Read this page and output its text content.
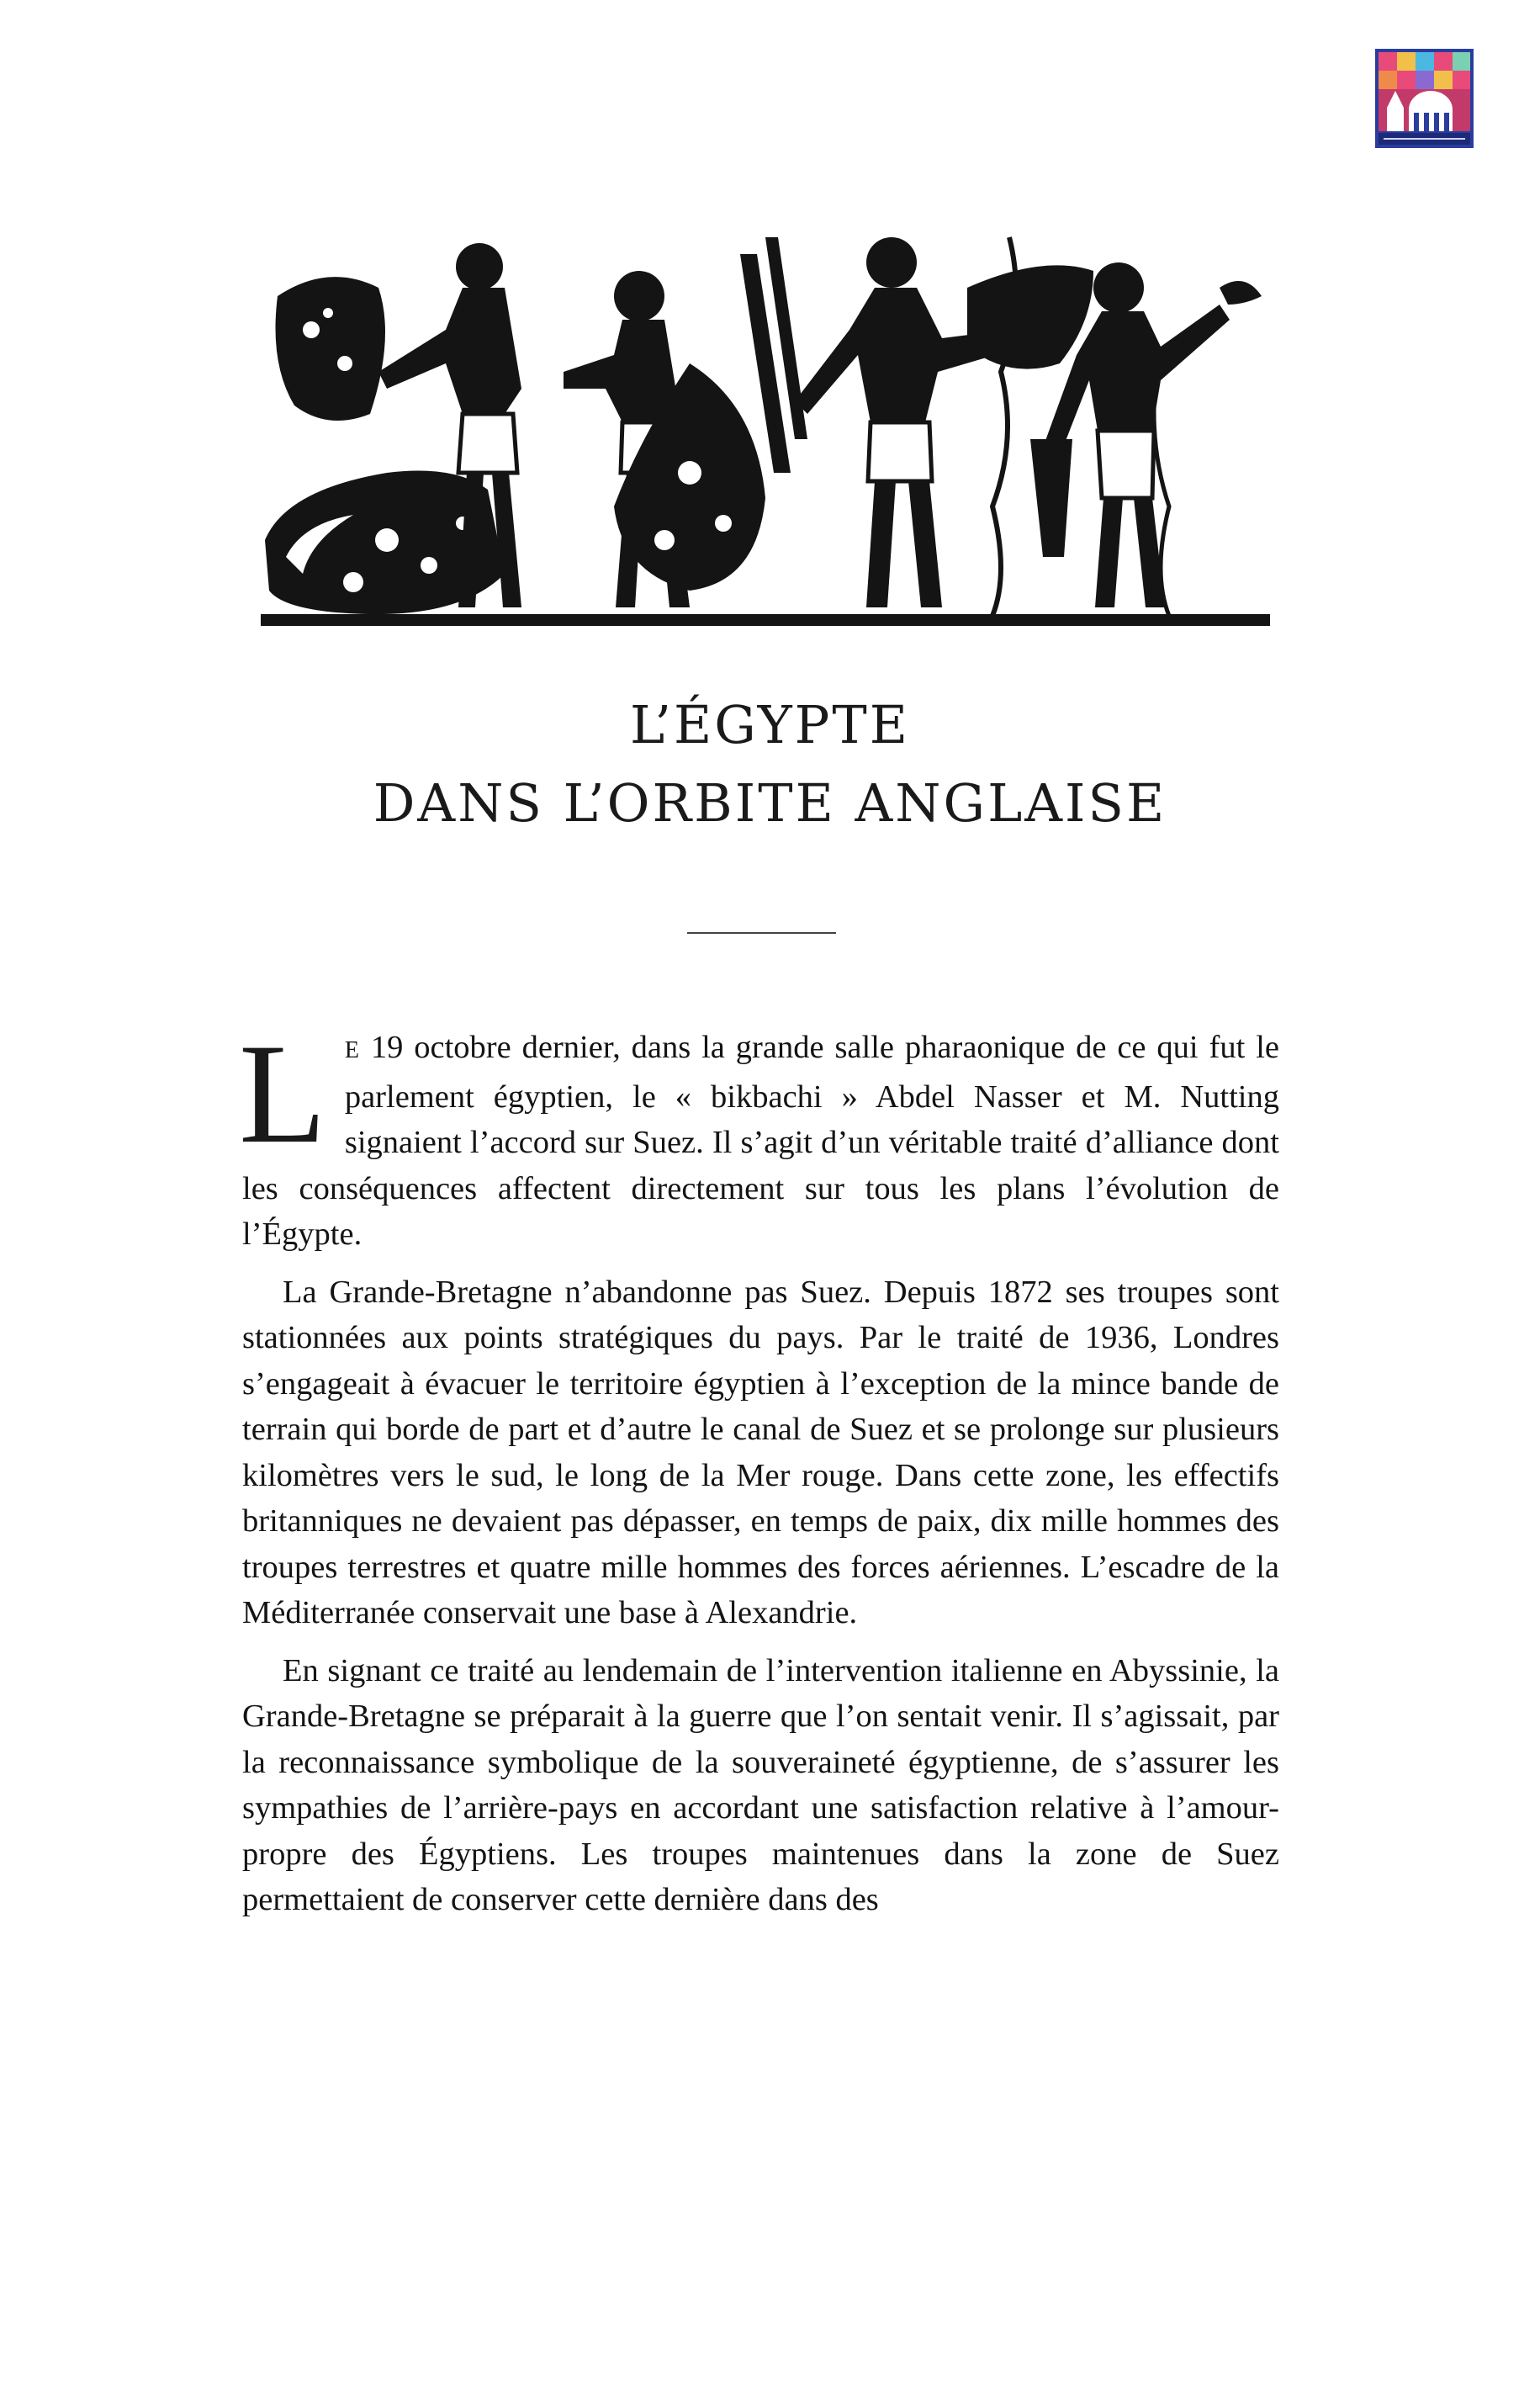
L’ÉGYPTE
DANS L’ORBITE ANGLAISE

L E 19 octobre dernier, dans la grande salle pharaonique de ce qui fut le parlement égyptien, le « bikbachi » Abdel Nasser et M. Nutting signaient l’accord sur Suez. Il s’agit d’un véritable traité d’alliance dont les conséquences affectent directement sur tous les plans l’évolution de l’Égypte.

La Grande-Bretagne n’abandonne pas Suez. Depuis 1872 ses troupes sont stationnées aux points stratégiques du pays. Par le traité de 1936, Londres s’engageait à évacuer le territoire égyptien à l’exception de la mince bande de terrain qui borde de part et d’autre le canal de Suez et se prolonge sur plusieurs kilomètres vers le sud, le long de la Mer rouge. Dans cette zone, les effectifs britanniques ne devaient pas dépasser, en temps de paix, dix mille hommes des troupes terrestres et quatre mille hommes des forces aériennes. L’escadre de la Méditerranée conservait une base à Alexandrie.

En signant ce traité au lendemain de l’intervention italienne en Abyssinie, la Grande-Bretagne se préparait à la guerre que l’on sentait venir. Il s’agissait, par la reconnaissance symbolique de la souveraineté égyptienne, de s’assurer les sympathies de l’arrière-pays en accordant une satisfaction relative à l’amour-propre des Égyptiens. Les troupes maintenues dans la zone de Suez permettaient de conserver cette dernière dans des
